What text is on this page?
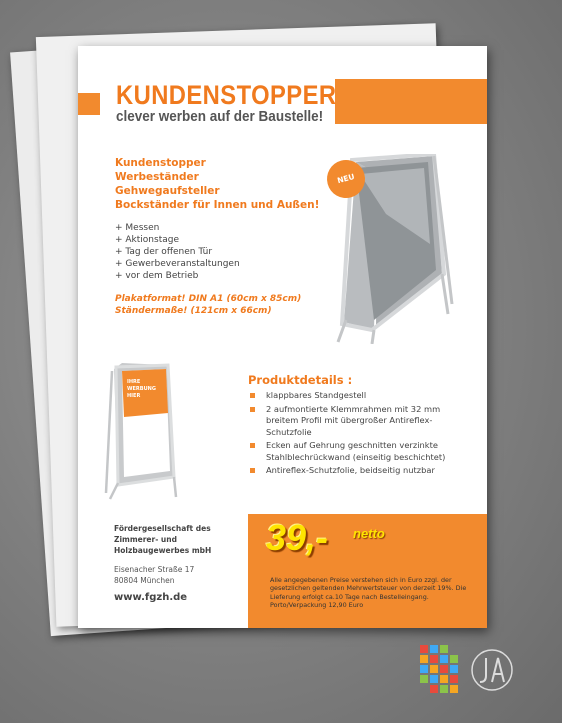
KUNDENSTOPPER
clever werben auf der Baustelle!
Kundenstopper
Werbeständer
Gehwegaufsteller
Bockständer für Innen und Außen!
+ Messen
+ Aktionstage
+ Tag der offenen Tür
+ Gewerbeveranstaltungen
+ vor dem Betrieb
Plakatformat! DIN A1 (60cm x 85cm)
Ständermaße! (121cm x 66cm)
NEU
IHRE
WERBUNG
HIER
Produktdetails :
klappbares Standgestell
2 aufmontierte Klemmrahmen mit 32 mm breitem Profil mit übergroßer Antireflex-Schutzfolie
Ecken auf Gehrung geschnitten verzinkte Stahlblechrückwand (einseitig beschichtet)
Antireflex-Schutzfolie, beidseitig nutzbar
Fördergesellschaft des
Zimmerer- und
Holzbaugewerbes mbH
Eisenacher Straße 17
80804 München
www.fgzh.de
39,- netto
Alle angegebenen Preise verstehen sich in Euro zzgl. der gesetzlichen geltenden Mehrwertsteuer von derzeit 19%. Die Lieferung erfolgt ca.10 Tage nach Bestelleingang. Porto/Verpackung 12,90 Euro
